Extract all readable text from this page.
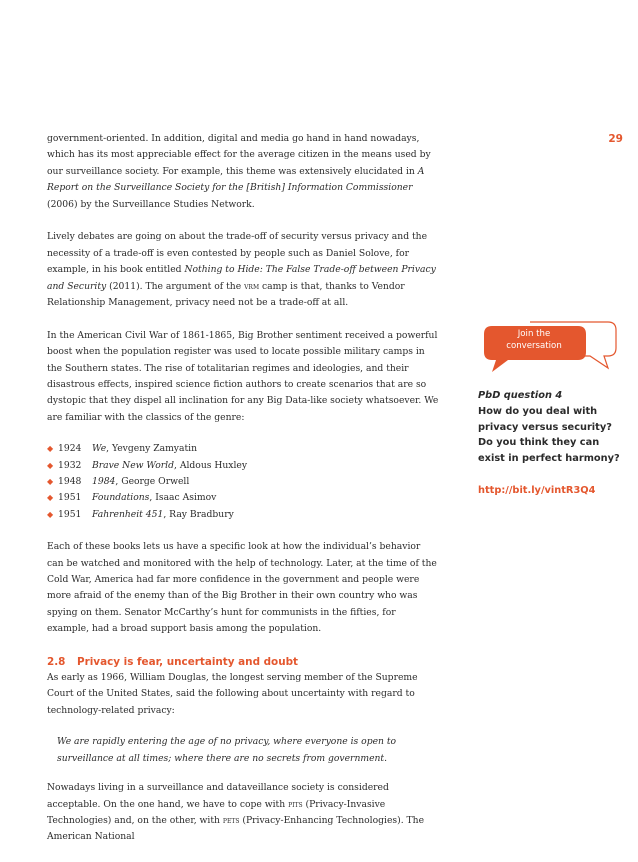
29

government-oriented. In addition, digital and media go hand in hand nowadays, which has its most appreciable effect for the average citizen in the means used by our surveillance society. For example, this theme was extensively elucidated in A Report on the Surveillance Society for the [British] Information Commissioner (2006) by the Surveillance Studies Network.

Lively debates are going on about the trade-off of security versus privacy and the necessity of a trade-off is even contested by people such as Daniel Solove, for example, in his book entitled Nothing to Hide: The False Trade-off between Privacy and Security (2011). The argument of the vrm camp is that, thanks to Vendor Relationship Management, privacy need not be a trade-off at all.

In the American Civil War of 1861-1865, Big Brother sentiment received a powerful boost when the population register was used to locate possible military camps in the Southern states. The rise of totalitarian regimes and ideologies, and their disastrous effects, inspired science fiction authors to create scenarios that are so dystopic that they dispel all inclination for any Big Data-like society whatsoever. We are familiar with the classics of the genre:

◆ 1924	We , Yevgeny Zamyatin
◆ 1932	Brave New World , Aldous Huxley
◆ 1948	1984 , George Orwell
◆ 1951	Foundations , Isaac Asimov
◆ 1951	Fahrenheit 451 , Ray Bradbury

Each of these books lets us have a specific look at how the individual’s behavior can be watched and monitored with the help of technology. Later, at the time of the Cold War, America had far more confidence in the government and people were more afraid of the enemy than of the Big Brother in their own country who was spying on them. Senator McCarthy’s hunt for communists in the fifties, for example, had a broad support basis among the population.

2.8 Privacy is fear, uncertainty and doubt

As early as 1966, William Douglas, the longest serving member of the Supreme Court of the United States, said the following about uncertainty with regard to technology-related privacy:

We are rapidly entering the age of no privacy, where everyone is open to surveillance at all times; where there are no secrets from government.

Nowadays living in a surveillance and dataveillance society is considered acceptable. On the one hand, we have to cope with pits (Privacy-Invasive Technologies) and, on the other, with pets (Privacy-Enhancing Technologies). The American National

Join the
conversation
PbD question 4
How do you deal with privacy versus security? Do you think they can exist in perfect harmony?
http://bit.ly/vintR3Q4
